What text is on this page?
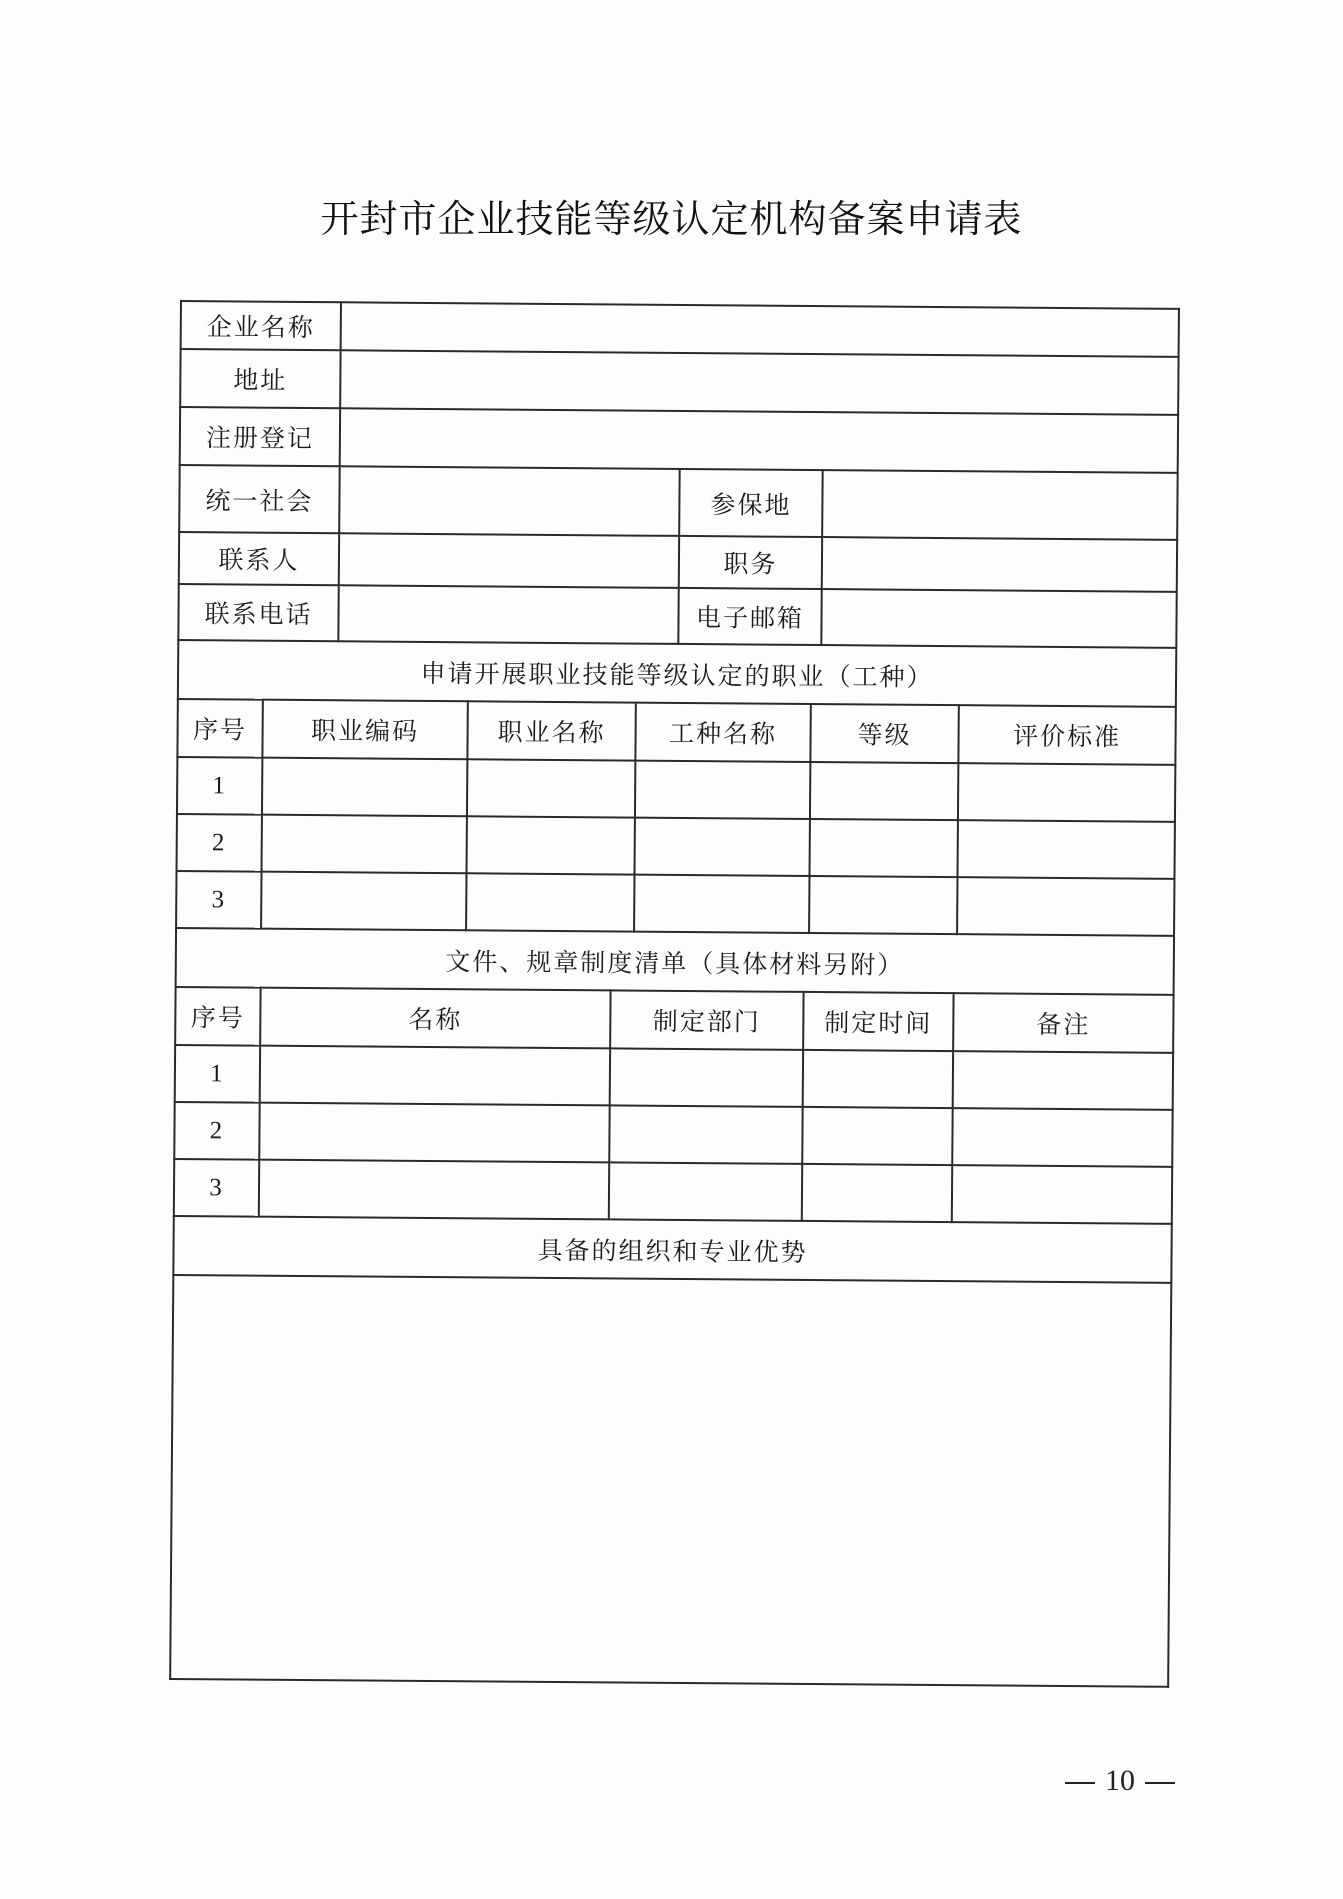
开封市企业技能等级认定机构备案申请表
企业名称	
地址	
注册登记	
统一社会		参保地	
联系人		职务	
联系电话		电子邮箱	
申请开展职业技能等级认定的职业（工种）					
序号	职业编码	职业名称	工种名称	等级	评价标准
1					
2					
3					
文件、规章制度清单（具体材料另附）				
序号	名称	制定部门	制定时间	备注
1				
2				
3				
具备的组织和专业优势
10
